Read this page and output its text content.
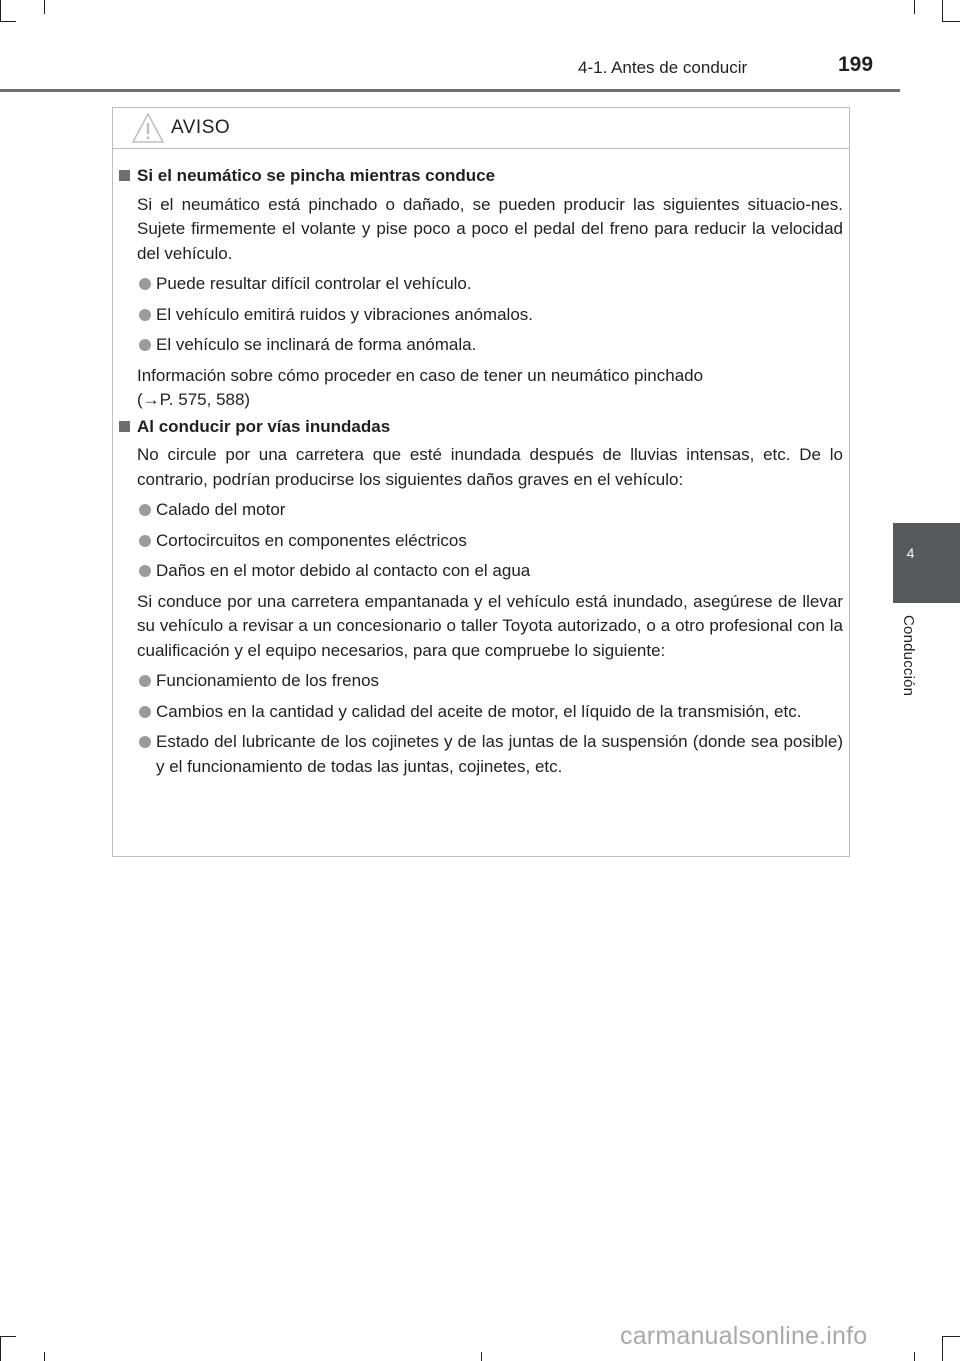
4-1. Antes de conducir	199
4
Conducción
AVISO
Si el neumático se pincha mientras conduce
Si el neumático está pinchado o dañado, se pueden producir las siguientes situacio-nes. Sujete firmemente el volante y pise poco a poco el pedal del freno para reducir la velocidad del vehículo.
Puede resultar difícil controlar el vehículo.
El vehículo emitirá ruidos y vibraciones anómalos.
El vehículo se inclinará de forma anómala.
Información sobre cómo proceder en caso de tener un neumático pinchado
(→P. 575, 588)
Al conducir por vías inundadas
No circule por una carretera que esté inundada después de lluvias intensas, etc. De lo contrario, podrían producirse los siguientes daños graves en el vehículo:
Calado del motor
Cortocircuitos en componentes eléctricos
Daños en el motor debido al contacto con el agua
Si conduce por una carretera empantanada y el vehículo está inundado, asegúrese de llevar su vehículo a revisar a un concesionario o taller Toyota autorizado, o a otro profesional con la cualificación y el equipo necesarios, para que compruebe lo siguiente:
Funcionamiento de los frenos
Cambios en la cantidad y calidad del aceite de motor, el líquido de la transmisión, etc.
Estado del lubricante de los cojinetes y de las juntas de la suspensión (donde sea posible) y el funcionamiento de todas las juntas, cojinetes, etc.
carmanualsonline.info
